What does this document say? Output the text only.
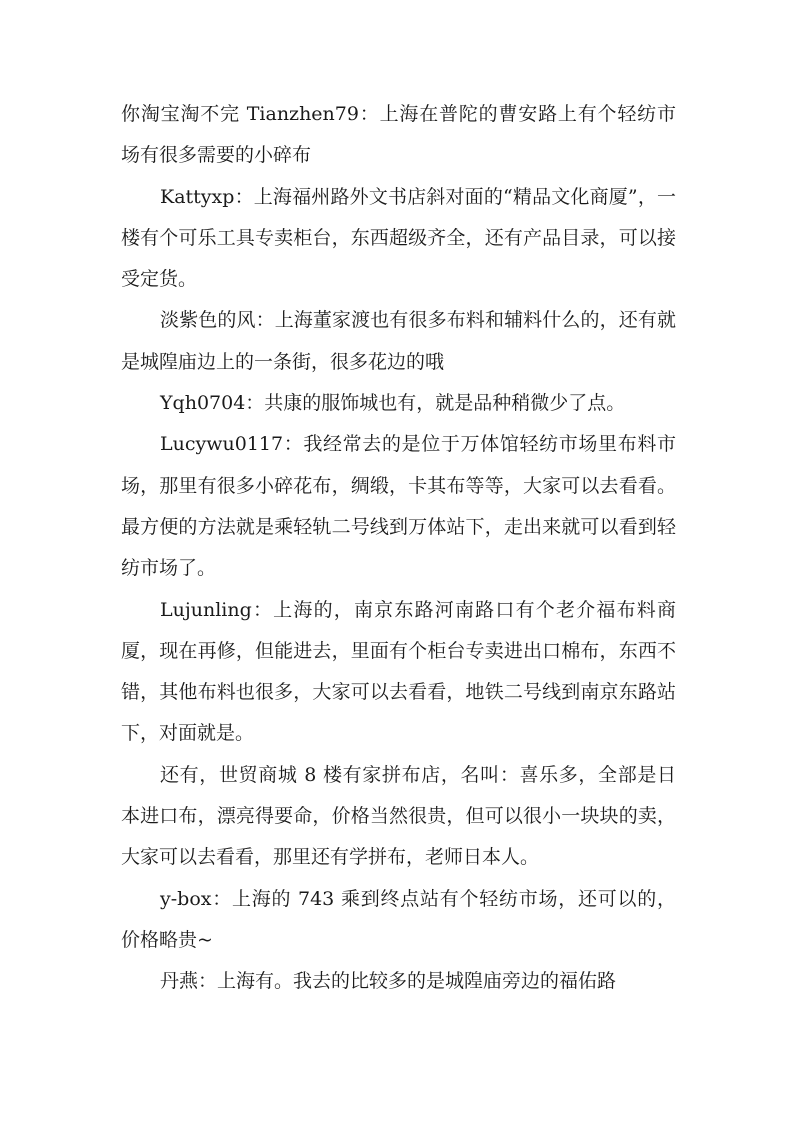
你淘宝淘不完 Tianzhen79：上海在普陀的曹安路上有个轻纺市场有很多需要的小碎布

Kattyxp：上海福州路外文书店斜对面的“精品文化商厦”，一楼有个可乐工具专卖柜台，东西超级齐全，还有产品目录，可以接受定货。

淡紫色的风：上海董家渡也有很多布料和辅料什么的，还有就是城隍庙边上的一条街，很多花边的哦

Yqh0704：共康的服饰城也有，就是品种稍微少了点。

Lucywu0117：我经常去的是位于万体馆轻纺市场里布料市场，那里有很多小碎花布，绸缎，卡其布等等，大家可以去看看。最方便的方法就是乘轻轨二号线到万体站下，走出来就可以看到轻纺市场了。

Lujunling：上海的，南京东路河南路口有个老介福布料商厦，现在再修，但能进去，里面有个柜台专卖进出口棉布，东西不错，其他布料也很多，大家可以去看看，地铁二号线到南京东路站下，对面就是。

还有，世贸商城 8 楼有家拼布店，名叫：喜乐多，全部是日本进口布，漂亮得要命，价格当然很贵，但可以很小一块块的卖，大家可以去看看，那里还有学拼布，老师日本人。

y-box：上海的 743 乘到终点站有个轻纺市场，还可以的，价格略贵~

丹燕：上海有。我去的比较多的是城隍庙旁边的福佑路
